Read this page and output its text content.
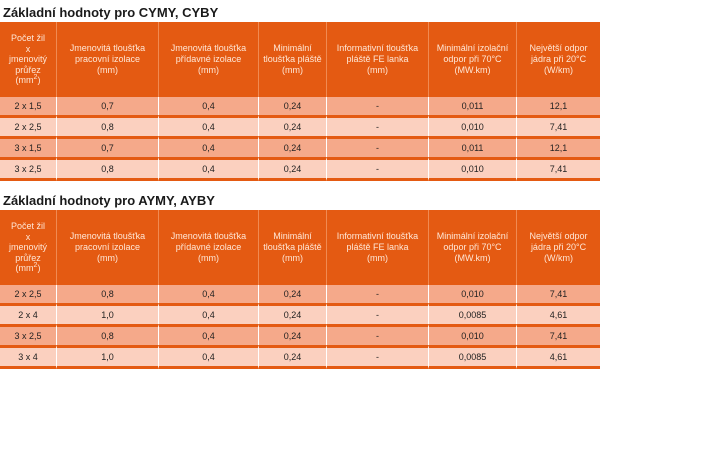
Základní hodnoty pro CYMY, CYBY
Počet žil
x
jmenovitý
průřez
$(mm^2)$	Jmenovitá tloušťka
pracovní izolace
(mm)	Jmenovitá tloušťka
přídavné izolace
(mm)	Minimální
tloušťka pláště
(mm)	Informativní tloušťka
pláště FE lanka
(mm)	Minimální izolační
odpor při 70°C
(MW.km)	Největší odpor
jádra při 20°C
(W/km)
2 x 1,5	0,7	0,4	0,24	-	0,011	12,1
2 x 2,5	0,8	0,4	0,24	-	0,010	7,41
3 x 1,5	0,7	0,4	0,24	-	0,011	12,1
3 x 2,5	0,8	0,4	0,24	-	0,010	7,41
Základní hodnoty pro AYMY, AYBY
Počet žil
x
jmenovitý
průřez
$(mm^2)$	Jmenovitá tloušťka
pracovní izolace
(mm)	Jmenovitá tloušťka
přídavné izolace
(mm)	Minimální
tloušťka pláště
(mm)	Informativní tloušťka
pláště FE lanka
(mm)	Minimální izolační
odpor při 70°C
(MW.km)	Největší odpor
jádra při 20°C
(W/km)
2 x 2,5	0,8	0,4	0,24	-	0,010	7,41
2 x 4	1,0	0,4	0,24	-	0,0085	4,61
3 x 2,5	0,8	0,4	0,24	-	0,010	7,41
3 x 4	1,0	0,4	0,24	-	0,0085	4,61
